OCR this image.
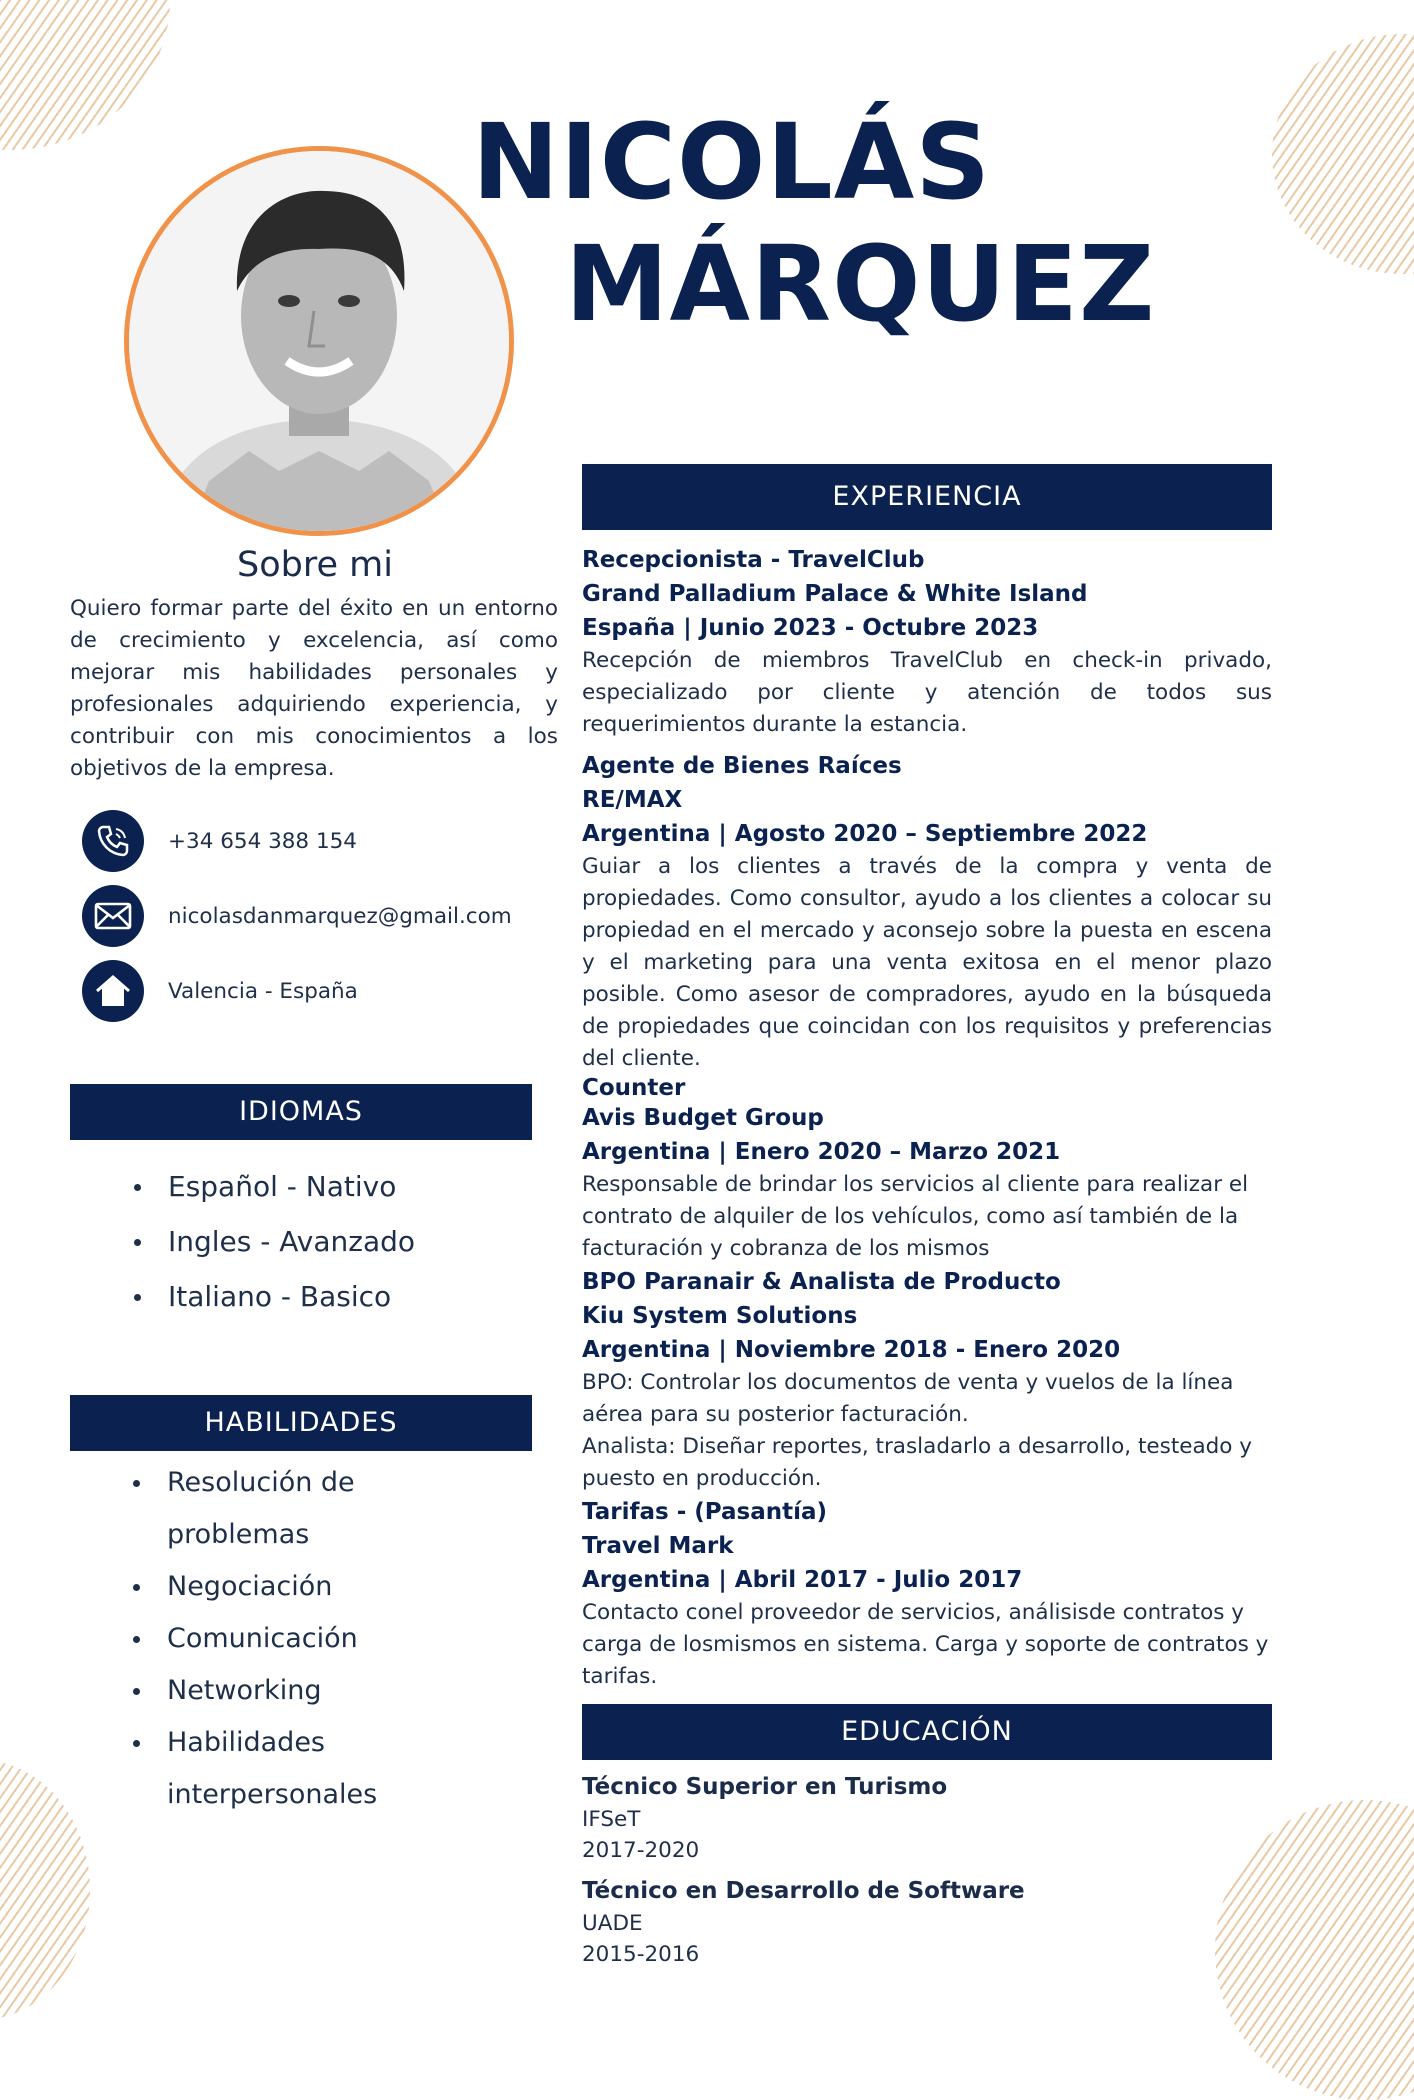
NICOLÁS
MÁRQUEZ
Sobre mi
Quiero formar parte del éxito en un entorno de crecimiento y excelencia, así como mejorar mis habilidades personales y profesionales adquiriendo experiencia, y contribuir con mis conocimientos a los objetivos de la empresa.
+34 654 388 154
nicolasdanmarquez@gmail.com
Valencia - España
IDIOMAS
Español - Nativo
Ingles - Avanzado
Italiano - Basico
HABILIDADES
Resolución de problemas
Negociación
Comunicación
Networking
Habilidades interpersonales
EXPERIENCIA
Recepcionista - TravelClub
Grand Palladium Palace & White Island
España | Junio 2023 - Octubre 2023
Recepción de miembros TravelClub en check-in privado, especializado por cliente y atención de todos sus requerimientos durante la estancia.
Agente de Bienes Raíces
RE/MAX
Argentina | Agosto 2020 – Septiembre 2022
Guiar a los clientes a través de la compra y venta de propiedades. Como consultor, ayudo a los clientes a colocar su propiedad en el mercado y aconsejo sobre la puesta en escena y el marketing para una venta exitosa en el menor plazo posible. Como asesor de compradores, ayudo en la búsqueda de propiedades que coincidan con los requisitos y preferencias del cliente.
Counter
Avis Budget Group
Argentina | Enero 2020 – Marzo 2021
Responsable de brindar los servicios al cliente para realizar el contrato de alquiler de los vehículos, como así también de la facturación y cobranza de los mismos
BPO Paranair & Analista de Producto
Kiu System Solutions
Argentina | Noviembre 2018 - Enero 2020
BPO: Controlar los documentos de venta y vuelos de la línea aérea para su posterior facturación.
Analista: Diseñar reportes, trasladarlo a desarrollo, testeado y puesto en producción.
Tarifas - (Pasantía)
Travel Mark
Argentina | Abril 2017 - Julio 2017
Contacto conel proveedor de servicios, análisisde contratos y carga de losmismos en sistema. Carga y soporte de contratos y tarifas.
EDUCACIÓN
Técnico Superior en Turismo
IFSeT
2017-2020
Técnico en Desarrollo de Software
UADE
2015-2016
